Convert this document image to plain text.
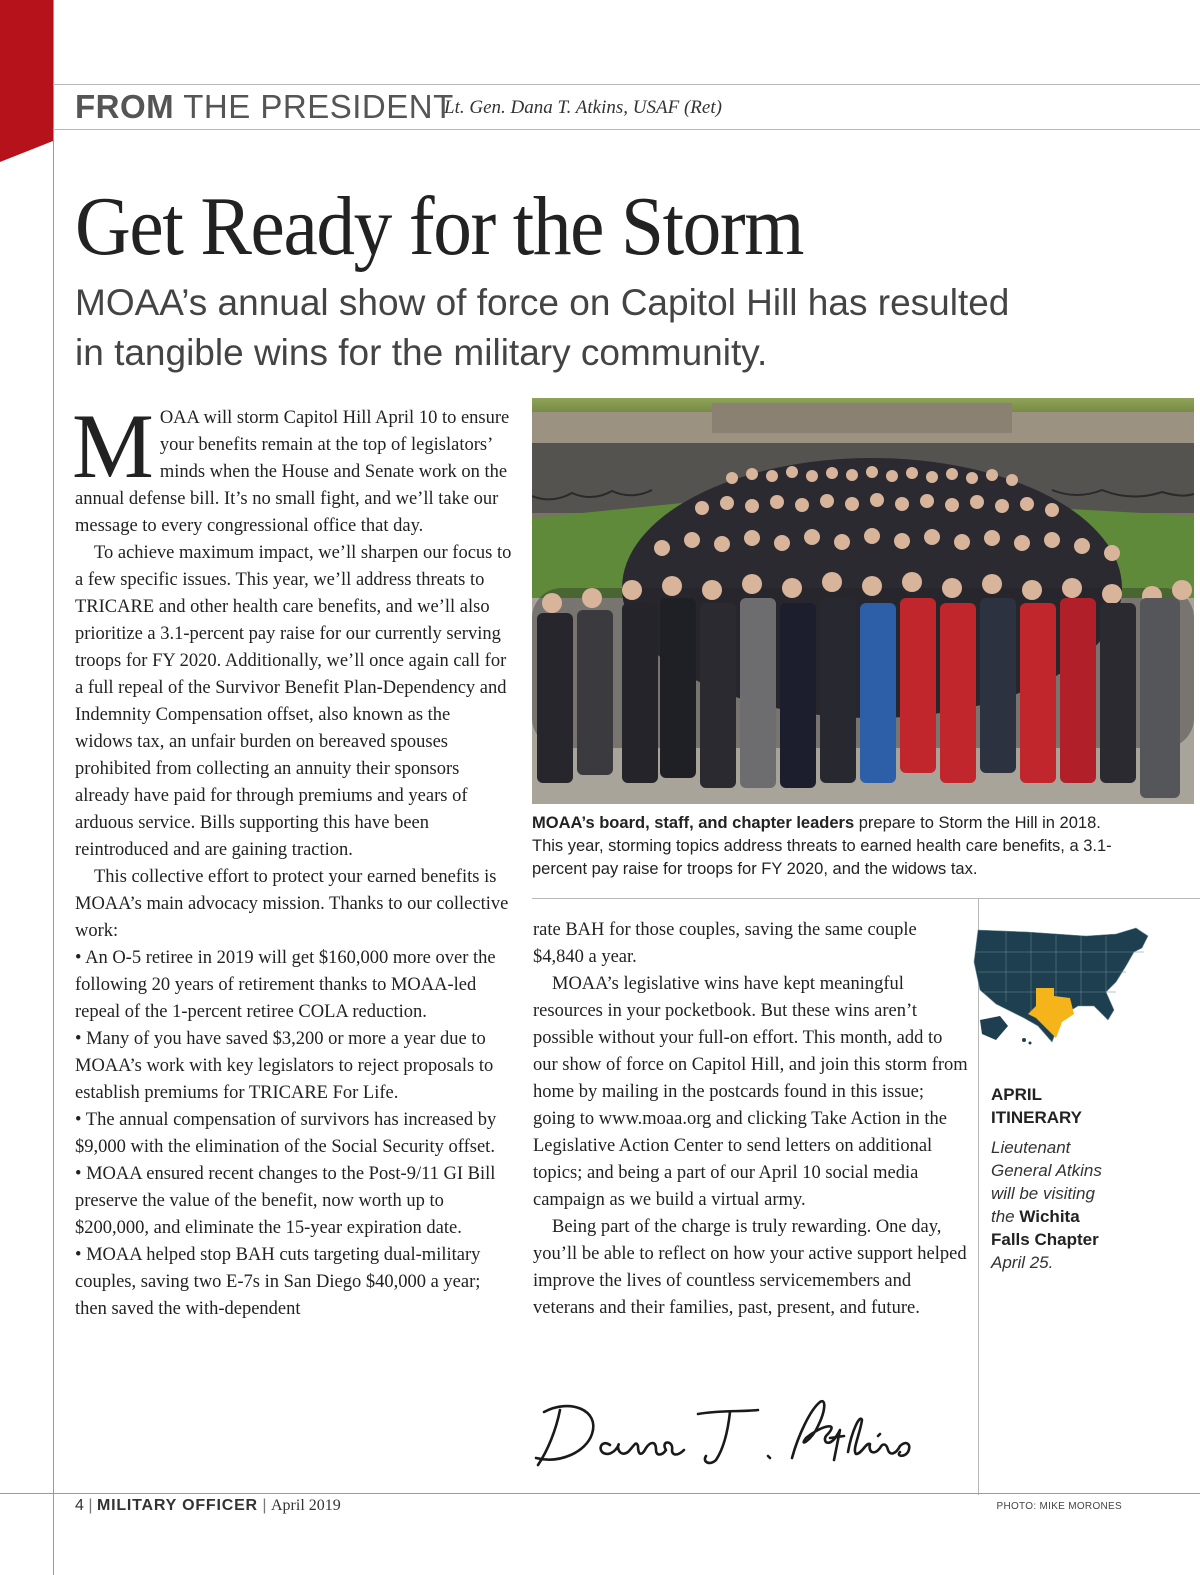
FROM THE PRESIDENT
Lt. Gen. Dana T. Atkins, USAF (Ret)
Get Ready for the Storm
MOAA’s annual show of force on Capitol Hill has resulted in tangible wins for the military community.

MOAA will storm Capitol Hill April 10 to ensure your benefits remain at the top of legislators’ minds when the House and Senate work on the annual defense bill. It’s no small fight, and we’ll take our message to every congressional office that day.

To achieve maximum impact, we’ll sharpen our focus to a few specific issues. This year, we’ll address threats to TRICARE and other health care benefits, and we’ll also prioritize a 3.1-percent pay raise for our currently serving troops for FY 2020. Additionally, we’ll once again call for a full repeal of the Survivor Benefit Plan-Dependency and Indemnity Compensation offset, also known as the widows tax, an unfair burden on bereaved spouses prohibited from collecting an annuity their sponsors already have paid for through premiums and years of arduous service. Bills supporting this have been reintroduced and are gaining traction.

This collective effort to protect your earned benefits is MOAA’s main advocacy mission. Thanks to our collective work:

• An O-5 retiree in 2019 will get $160,000 more over the following 20 years of retirement thanks to MOAA-led repeal of the 1-percent retiree COLA reduction.

• Many of you have saved $3,200 or more a year due to MOAA’s work with key legislators to reject proposals to establish premiums for TRICARE For Life.

• The annual compensation of survivors has increased by $9,000 with the elimination of the Social Security offset.

• MOAA ensured recent changes to the Post-9/11 GI Bill preserve the value of the benefit, now worth up to $200,000, and eliminate the 15-year expiration date.

• MOAA helped stop BAH cuts targeting dual-military couples, saving two E-7s in San Diego $40,000 a year; then saved the with-dependent

MOAA’s board, staff, and chapter leaders prepare to Storm the Hill in 2018. This year, storming topics address threats to earned health care benefits, a 3.1-percent pay raise for troops for FY 2020, and the widows tax.

rate BAH for those couples, saving the same couple $4,840 a year.

MOAA’s legislative wins have kept meaningful resources in your pocketbook. But these wins aren’t possible without your full-on effort. This month, add to our show of force on Capitol Hill, and join this storm from home by mailing in the postcards found in this issue; going to www.moaa.org and clicking Take Action in the Legislative Action Center to send letters on additional topics; and being a part of our April 10 social media campaign as we build a virtual army.

Being part of the charge is truly rewarding. One day, you’ll be able to reflect on how your active support helped improve the lives of countless servicemembers and veterans and their families, past, present, and future.

APRIL ITINERARY
Lieutenant General Atkins will be visiting the Wichita Falls Chapter April 25.
4 | MILITARY OFFICER | April 2019	PHOTO: MIKE MORONES
